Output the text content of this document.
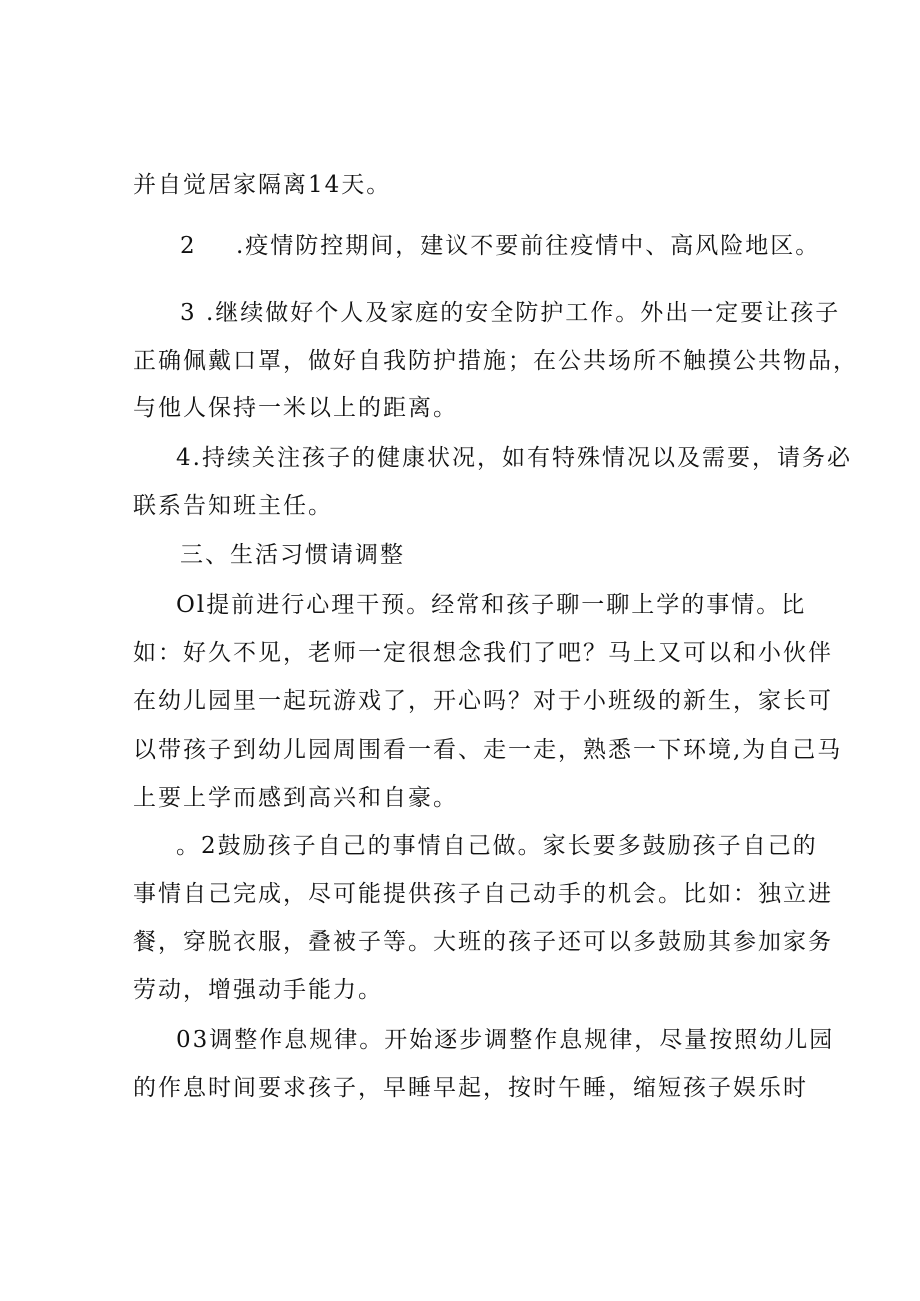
并自觉居家隔离14天。
2 .疫情防控期间，建议不要前往疫情中、高风险地区。
3 .继续做好个人及家庭的安全防护工作。外出一定要让孩子
正确佩戴口罩，做好自我防护措施；在公共场所不触摸公共物品，
与他人保持一米以上的距离。
4.持续关注孩子的健康状况，如有特殊情况以及需要，请务必
联系告知班主任。
三、生活习惯请调整
Ol提前进行心理干预。经常和孩子聊一聊上学的事情。比
如：好久不见，老师一定很想念我们了吧？马上又可以和小伙伴
在幼儿园里一起玩游戏了，开心吗？对于小班级的新生，家长可
以带孩子到幼儿园周围看一看、走一走，熟悉一下环境,为自己马
上要上学而感到高兴和自豪。
。2鼓励孩子自己的事情自己做。家长要多鼓励孩子自己的
事情自己完成，尽可能提供孩子自己动手的机会。比如：独立进
餐，穿脱衣服，叠被子等。大班的孩子还可以多鼓励其参加家务
劳动，增强动手能力。
03调整作息规律。开始逐步调整作息规律，尽量按照幼儿园
的作息时间要求孩子，早睡早起，按时午睡，缩短孩子娱乐时
